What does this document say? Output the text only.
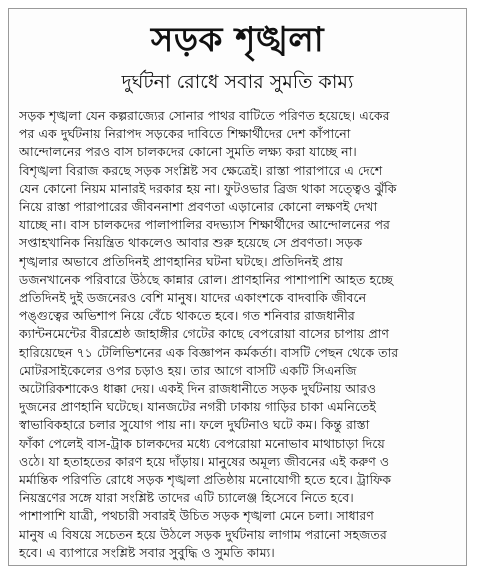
সড়ক শৃঙ্খলা
দুর্ঘটনা রোধে সবার সুমতি কাম্য
সড়ক শৃঙ্খলা যেন কল্পরাজ্যের সোনার পাথর বাটিতে পরিণত হয়েছে। একের
পর এক দুর্ঘটনায় নিরাপদ সড়কের দাবিতে শিক্ষার্থীদের দেশ কাঁপানো
আন্দোলনের পরও বাস চালকদের কোনো সুমতি লক্ষ্য করা যাচ্ছে না।
বিশৃঙ্খলা বিরাজ করছে সড়ক সংশ্লিষ্ট সব ক্ষেত্রেই। রাস্তা পারাপারে এ দেশে
যেন কোনো নিয়ম মানারই দরকার হয় না। ফুটওভার ব্রিজ থাকা সত্ত্বেও ঝুঁকি
নিয়ে রাস্তা পারাপারের জীবননাশা প্রবণতা এড়ানোর কোনো লক্ষণই দেখা
যাচ্ছে না। বাস চালকদের পালাপালির বদভ্যাস শিক্ষার্থীদের আন্দোলনের পর
সপ্তাহখানিক নিয়ন্ত্রিত থাকলেও আবার শুরু হয়েছে সে প্রবণতা। সড়ক
শৃঙ্খলার অভাবে প্রতিদিনই প্রাণহানির ঘটনা ঘটছে। প্রতিদিনই প্রায়
ডজনখানেক পরিবারে উঠছে কান্নার রোল। প্রাণহানির পাশাপাশি আহত হচ্ছে
প্রতিদিনই দুই ডজনেরও বেশি মানুষ। যাদের একাংশকে বাদবাকি জীবনে
পঙ্গুত্বের অভিশাপ নিয়ে বেঁচে থাকতে হবে। গত শনিবার রাজধানীর
ক্যান্টনমেন্টের বীরশ্রেষ্ঠ জাহাঙ্গীর গেটের কাছে বেপরোয়া বাসের চাপায় প্রাণ
হারিয়েছেন ৭১ টেলিভিশনের এক বিজ্ঞাপন কর্মকর্তা। বাসটি পেছন থেকে তার
মোটরসাইকেলের ওপর চড়াও হয়। তার আগে বাসটি একটি সিএনজি
অটোরিকশাকেও ধাক্কা দেয়। একই দিন রাজধানীতে সড়ক দুর্ঘটনায় আরও
দুজনের প্রাণহানি ঘটেছে। যানজটের নগরী ঢাকায় গাড়ির চাকা এমনিতেই
স্বাভাবিকহারে চলার সুযোগ পায় না। ফলে দুর্ঘটনাও ঘটে কম। কিন্তু রাস্তা
ফাঁকা পেলেই বাস-ট্রাক চালকদের মধ্যে বেপরোয়া মনোভাব মাথাচাড়া দিয়ে
ওঠে। যা হতাহতের কারণ হয়ে দাঁড়ায়। মানুষের অমূল্য জীবনের এই করুণ ও
মর্মান্তিক পরিণতি রোধে সড়ক শৃঙ্খলা প্রতিষ্ঠায় মনোযোগী হতে হবে। ট্রাফিক
নিয়ন্ত্রণের সঙ্গে যারা সংশ্লিষ্ট তাদের এটি চ্যালেঞ্জ হিসেবে নিতে হবে।
পাশাপাশি যাত্রী, পথচারী সবারই উচিত সড়ক শৃঙ্খলা মেনে চলা। সাধারণ
মানুষ এ বিষয়ে সচেতন হয়ে উঠলে সড়ক দুর্ঘটনায় লাগাম পরানো সহজতর
হবে। এ ব্যাপারে সংশ্লিষ্ট সবার সুবুদ্ধি ও সুমতি কাম্য।
